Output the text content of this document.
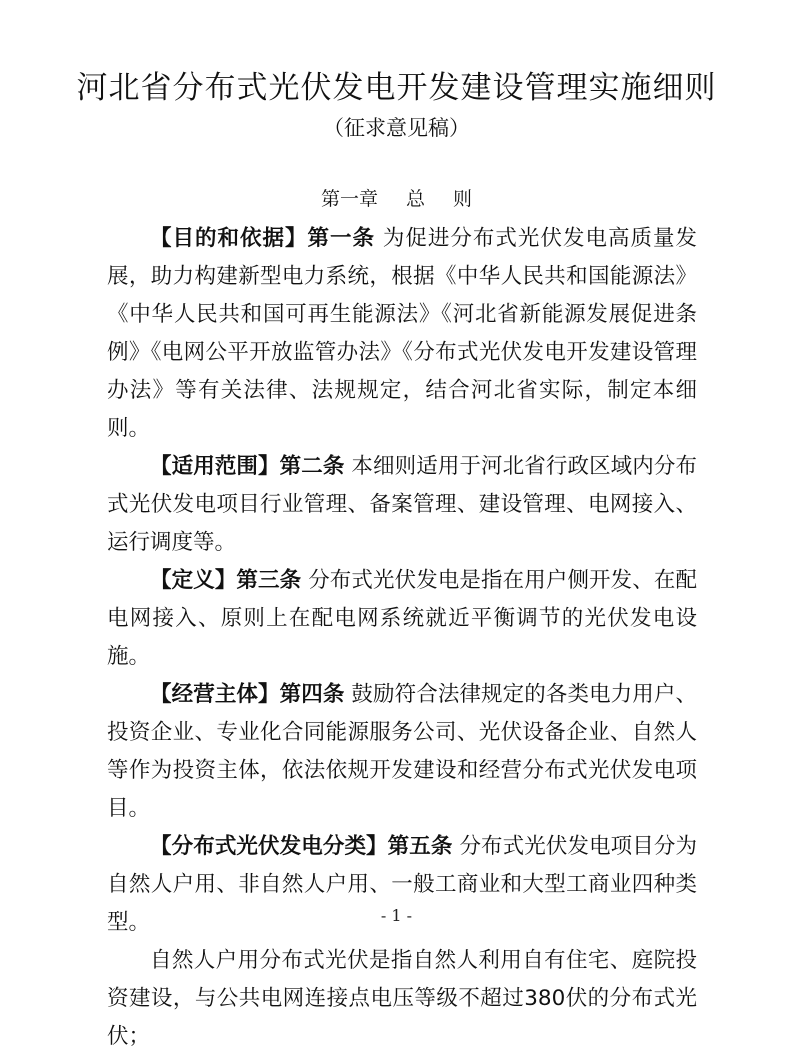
河北省分布式光伏发电开发建设管理实施细则
（征求意见稿）
第一章 总 则

【目的和依据】第一条 为促进分布式光伏发电高质量发展，助力构建新型电力系统，根据《中华人民共和国能源法》《中华人民共和国可再生能源法》《河北省新能源发展促进条例》《电网公平开放监管办法》《分布式光伏发电开发建设管理办法》等有关法律、法规规定，结合河北省实际，制定本细则。

【适用范围】第二条 本细则适用于河北省行政区域内分布式光伏发电项目行业管理、备案管理、建设管理、电网接入、运行调度等。

【定义】第三条 分布式光伏发电是指在用户侧开发、在配电网接入、原则上在配电网系统就近平衡调节的光伏发电设施。

【经营主体】第四条 鼓励符合法律规定的各类电力用户、投资企业、专业化合同能源服务公司、光伏设备企业、自然人等作为投资主体，依法依规开发建设和经营分布式光伏发电项目。

【分布式光伏发电分类】第五条 分布式光伏发电项目分为自然人户用、非自然人户用、一般工商业和大型工商业四种类型。

自然人户用分布式光伏是指自然人利用自有住宅、庭院投资建设，与公共电网连接点电压等级不超过380伏的分布式光伏；

- 1 -
